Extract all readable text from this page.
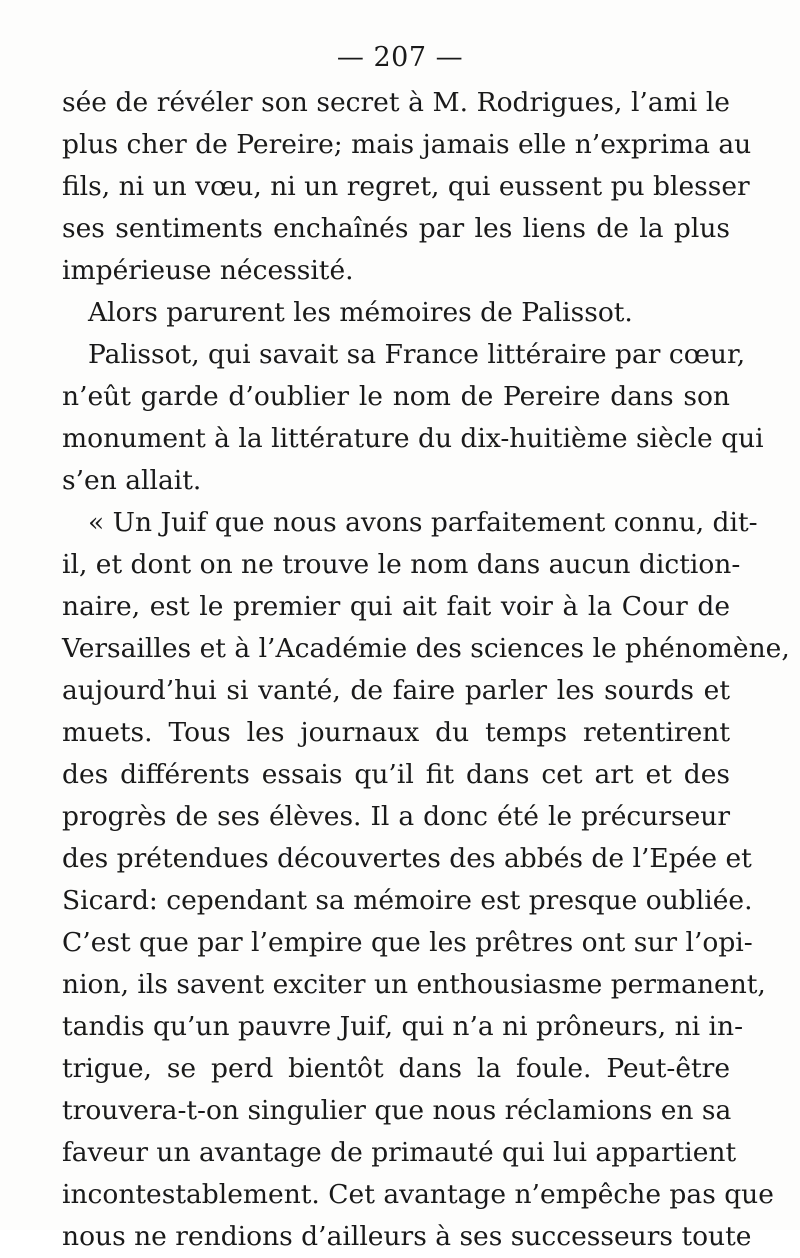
— 207 —
sée de révéler son secret à M. Rodrigues, l’ami le
plus cher de Pereire; mais jamais elle n’exprima au
fils, ni un vœu, ni un regret, qui eussent pu blesser
ses sentiments enchaînés par les liens de la plus
impérieuse nécessité.
Alors parurent les mémoires de Palissot.
Palissot, qui savait sa France littéraire par cœur,
n’eût garde d’oublier le nom de Pereire dans son
monument à la littérature du dix-huitième siècle qui
s’en allait.
« Un Juif que nous avons parfaitement connu, dit-
il, et dont on ne trouve le nom dans aucun diction-
naire, est le premier qui ait fait voir à la Cour de
Versailles et à l’Académie des sciences le phénomène,
aujourd’hui si vanté, de faire parler les sourds et
muets. Tous les journaux du temps retentirent
des différents essais qu’il fit dans cet art et des
progrès de ses élèves. Il a donc été le précurseur
des prétendues découvertes des abbés de l’Epée et
Sicard: cependant sa mémoire est presque oubliée.
C’est que par l’empire que les prêtres ont sur l’opi-
nion, ils savent exciter un enthousiasme permanent,
tandis qu’un pauvre Juif, qui n’a ni prôneurs, ni in-
trigue, se perd bientôt dans la foule. Peut-être
trouvera-t-on singulier que nous réclamions en sa
faveur un avantage de primauté qui lui appartient
incontestablement. Cet avantage n’empêche pas que
nous ne rendions d’ailleurs à ses successeurs toute
